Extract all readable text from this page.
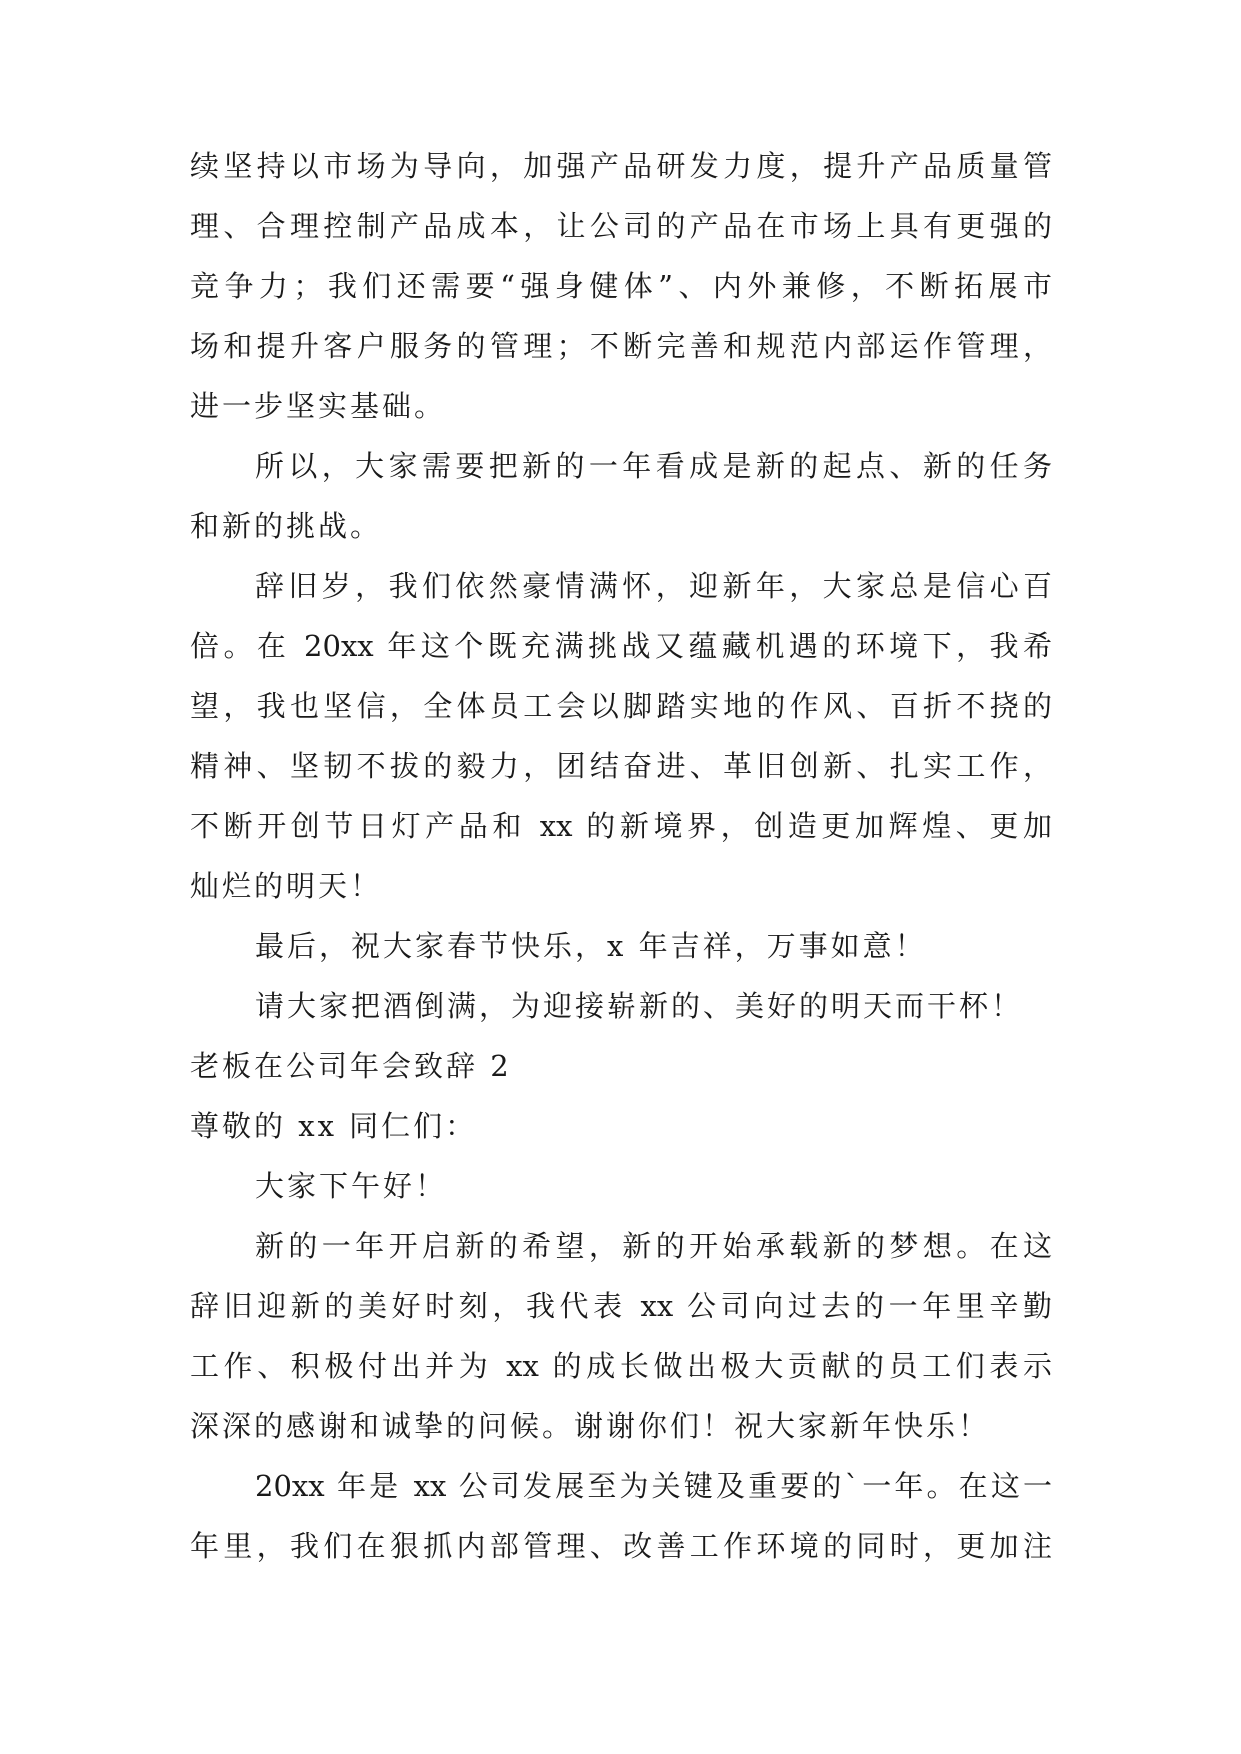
续坚持以市场为导向，加强产品研发力度，提升产品质量管
理、合理控制产品成本，让公司的产品在市场上具有更强的
竞争力；我们还需要“强身健体”、内外兼修，不断拓展市
场和提升客户服务的管理；不断完善和规范内部运作管理，
进一步坚实基础。
所以，大家需要把新的一年看成是新的起点、新的任务
和新的挑战。
辞旧岁，我们依然豪情满怀，迎新年，大家总是信心百
倍。在 20xx 年这个既充满挑战又蕴藏机遇的环境下，我希
望，我也坚信，全体员工会以脚踏实地的作风、百折不挠的
精神、坚韧不拔的毅力，团结奋进、革旧创新、扎实工作，
不断开创节日灯产品和 xx 的新境界，创造更加辉煌、更加
灿烂的明天！
最后，祝大家春节快乐，x 年吉祥，万事如意！
请大家把酒倒满，为迎接崭新的、美好的明天而干杯！
老板在公司年会致辞 2
尊敬的 xx 同仁们：
大家下午好！
新的一年开启新的希望，新的开始承载新的梦想。在这
辞旧迎新的美好时刻，我代表 xx 公司向过去的一年里辛勤
工作、积极付出并为 xx 的成长做出极大贡献的员工们表示
深深的感谢和诚挚的问候。谢谢你们！祝大家新年快乐！
20xx 年是 xx 公司发展至为关键及重要的`一年。在这一
年里，我们在狠抓内部管理、改善工作环境的同时，更加注
